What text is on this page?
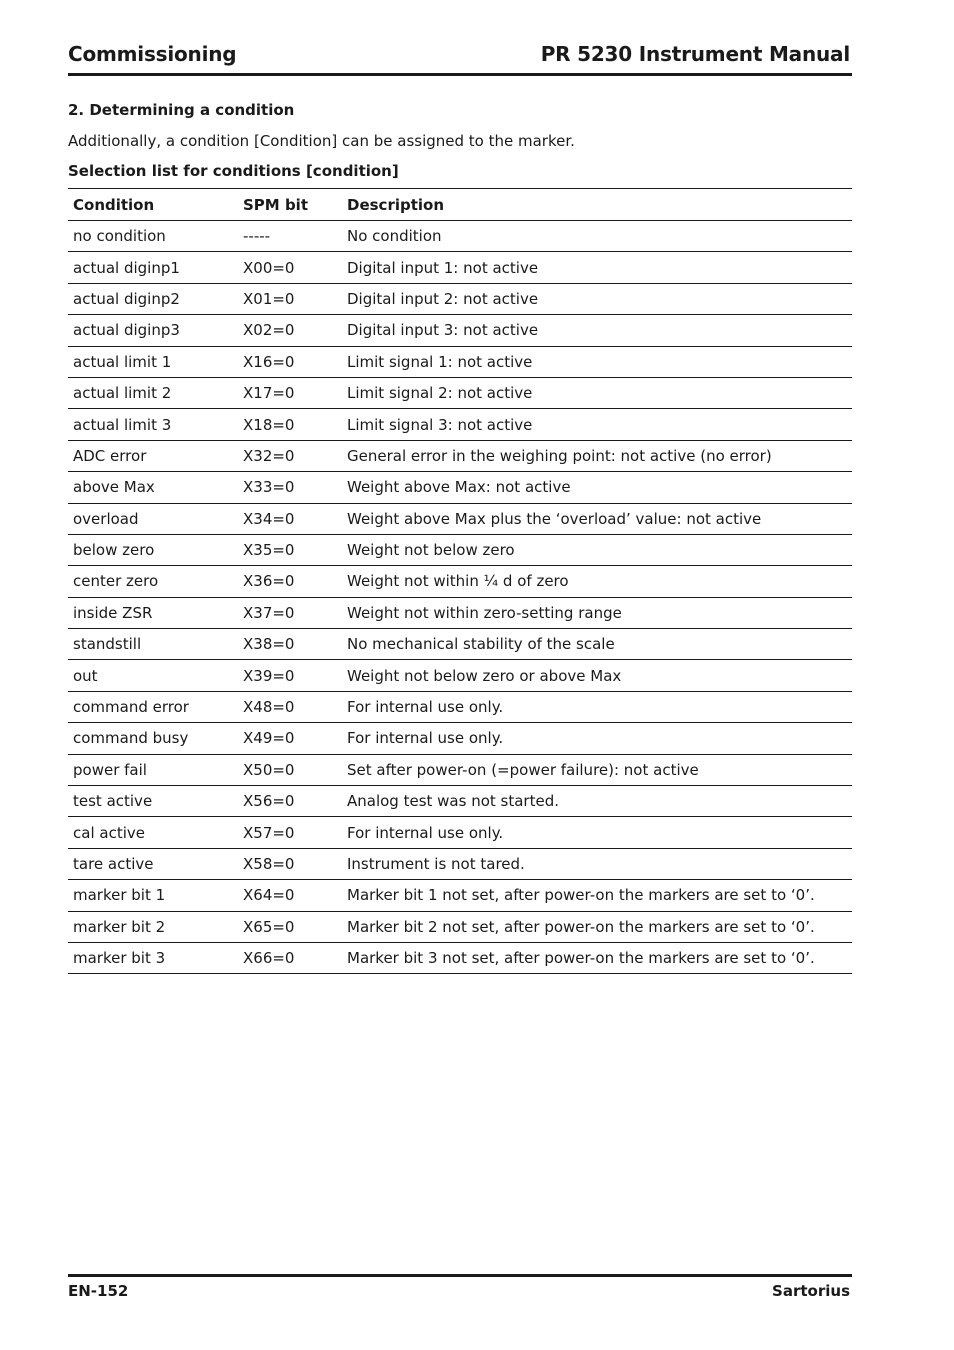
Commissioning	PR 5230 Instrument Manual
2. Determining a condition
Additionally, a condition [Condition] can be assigned to the marker.
Selection list for conditions [condition]
Condition	SPM bit	Description
no condition	-----	No condition
actual diginp1	X00=0	Digital input 1: not active
actual diginp2	X01=0	Digital input 2: not active
actual diginp3	X02=0	Digital input 3: not active
actual limit 1	X16=0	Limit signal 1: not active
actual limit 2	X17=0	Limit signal 2: not active
actual limit 3	X18=0	Limit signal 3: not active
ADC error	X32=0	General error in the weighing point: not active (no error)
above Max	X33=0	Weight above Max: not active
overload	X34=0	Weight above Max plus the ‘overload’ value: not active
below zero	X35=0	Weight not below zero
center zero	X36=0	Weight not within ¼ d of zero
inside ZSR	X37=0	Weight not within zero-setting range
standstill	X38=0	No mechanical stability of the scale
out	X39=0	Weight not below zero or above Max
command error	X48=0	For internal use only.
command busy	X49=0	For internal use only.
power fail	X50=0	Set after power-on (=power failure): not active
test active	X56=0	Analog test was not started.
cal active	X57=0	For internal use only.
tare active	X58=0	Instrument is not tared.
marker bit 1	X64=0	Marker bit 1 not set, after power-on the markers are set to ‘0’.
marker bit 2	X65=0	Marker bit 2 not set, after power-on the markers are set to ‘0’.
marker bit 3	X66=0	Marker bit 3 not set, after power-on the markers are set to ‘0’.
EN-152	Sartorius
